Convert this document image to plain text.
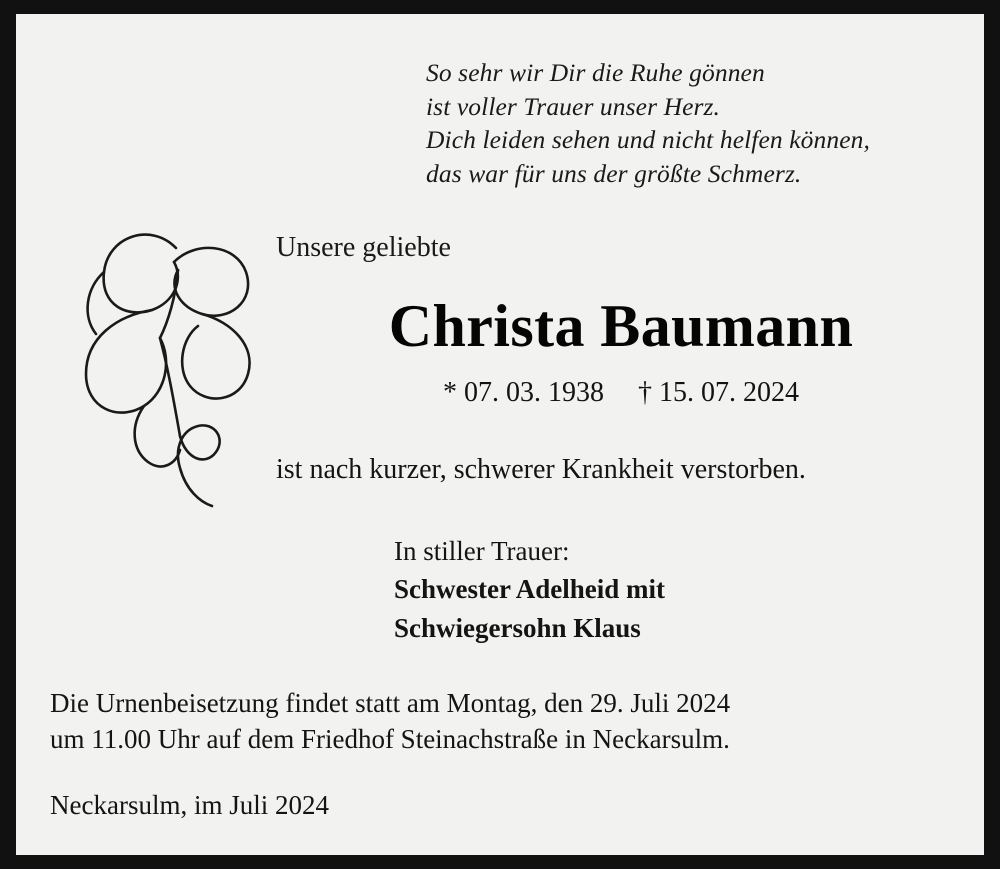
So sehr wir Dir die Ruhe gönnen
ist voller Trauer unser Herz.
Dich leiden sehen und nicht helfen können,
das war für uns der größte Schmerz.
Unsere geliebte
Christa Baumann
* 07. 03. 1938 † 15. 07. 2024
ist nach kurzer, schwerer Krankheit verstorben.
In stiller Trauer:
Schwester Adelheid mit
Schwiegersohn Klaus
Die Urnenbeisetzung findet statt am Montag, den 29. Juli 2024
um 11.00 Uhr auf dem Friedhof Steinachstraße in Neckarsulm.
Neckarsulm, im Juli 2024
